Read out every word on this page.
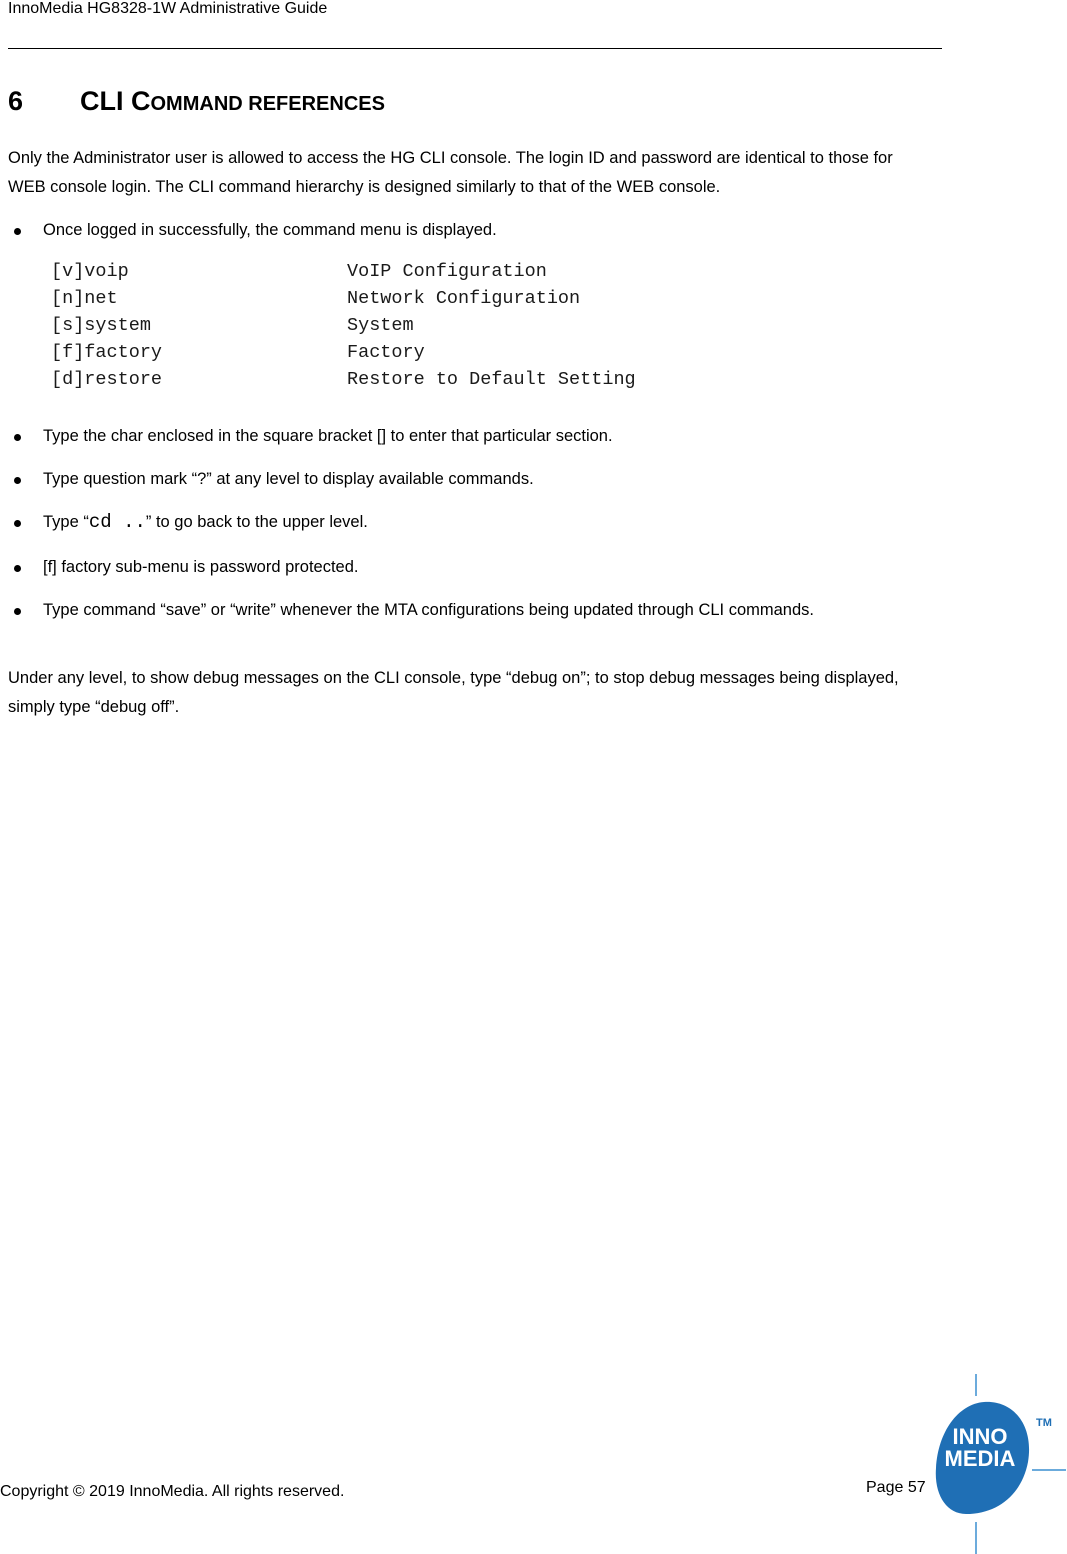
InnoMedia HG8328-1W Administrative Guide
6	CLI COMMAND REFERENCES
Only the Administrator user is allowed to access the HG CLI console. The login ID and password are identical to those for WEB console login. The CLI command hierarchy is designed similarly to that of the WEB console.
Once logged in successfully, the command menu is displayed.
[v]voip	VoIP Configuration
[n]net	Network Configuration
[s]system	System
[f]factory	Factory
[d]restore	Restore to Default Setting
Type the char enclosed in the square bracket [] to enter that particular section.
Type question mark “?” at any level to display available commands.
Type “cd ..” to go back to the upper level.
[f] factory sub-menu is password protected.
Type command “save” or “write” whenever the MTA configurations being updated through CLI commands.
Under any level, to show debug messages on the CLI console, type “debug on”; to stop debug messages being displayed, simply type “debug off”.
Copyright © 2019 InnoMedia. All rights reserved.	Page 57
INNO
MEDIA
TM
